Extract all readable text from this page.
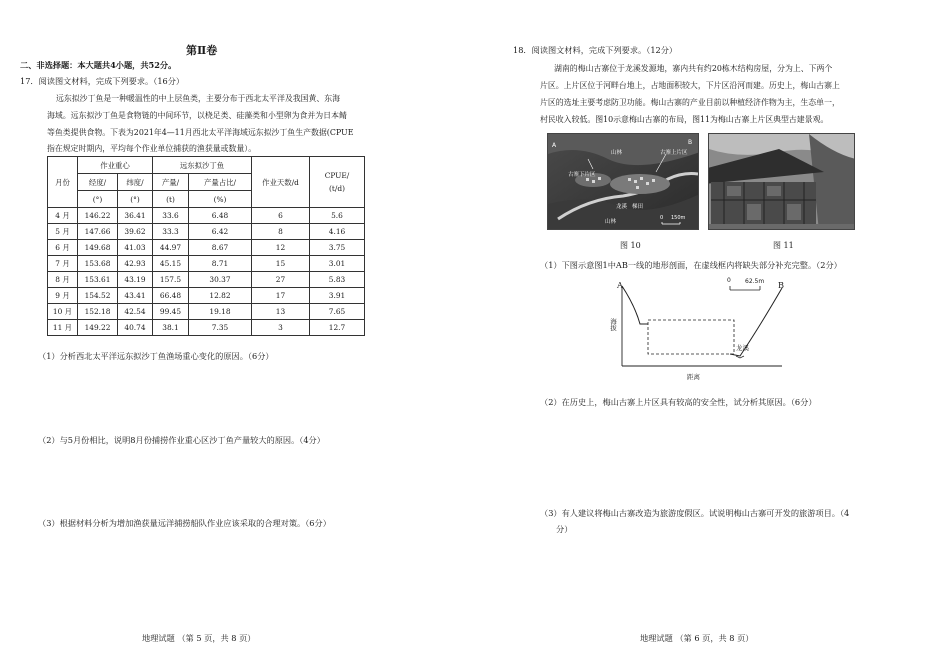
第Ⅱ卷
二、非选择题：本大题共4小题，共52分。
17．阅读图文材料，完成下列要求。（16分）
远东拟沙丁鱼是一种暖温性的中上层鱼类，主要分布于西北太平洋及我国黄、东海
海域。远东拟沙丁鱼是食物链的中间环节，以桡足类、硅藻类和小型卵为食并为日本鲭
等鱼类提供食物。下表为2021年4—11月西北太平洋海域远东拟沙丁鱼生产数据(CPUE
指在规定时期内，平均每个作业单位捕获的渔获量或数量）。
月份	作业重心		远东拟沙丁鱼		作业天数/d	CPUE/
(t/d)

	经度/	纬度/	产量/	产量占比/		
	(°)	(°)	(t)	(%)		
4 月	146.22	36.41	33.6	6.48	6	5.6
5 月	147.66	39.62	33.3	6.42	8	4.16
6 月	149.68	41.03	44.97	8.67	12	3.75
7 月	153.68	42.93	45.15	8.71	15	3.01
8 月	153.61	43.19	157.5	30.37	27	5.83
9 月	154.52	43.41	66.48	12.82	17	3.91
10 月	152.18	42.54	99.45	19.18	13	7.65
11 月	149.22	40.74	38.1	7.35	3	12.7
（1）分析西北太平洋远东拟沙丁鱼渔场重心变化的原因。（6分）
（2）与5月份相比，说明8月份捕捞作业重心区沙丁鱼产量较大的原因。（4分）
（3）根据材料分析为增加渔获量远洋捕捞船队作业应该采取的合理对策。（6分）
地理试题 （第 5 页，共 8 页）
18．阅读图文材料，完成下列要求。（12分）
湖南的梅山古寨位于龙溪发源地，寨内共有约20栋木结构房屋，分为上、下两个
片区。上片区位于河畔台地上，占地面积较大，下片区沿河而建。历史上，梅山古寨上
片区的选址主要考虑防卫功能。梅山古寨的产业目前以种植经济作物为主，生态单一，
村民收入较低。图10示意梅山古寨的布局，图11为梅山古寨上片区典型古建景观。
山林	古寨上片区
古寨下片区
A	B
龙溪 梯田
山林
0 150m
图 10	图 11
（1）下图示意图1中AB一线的地形剖面，在虚线框内将缺失部分补充完整。（2分）
A	B
0 62.5m
海拔
距离
龙溪
（2）在历史上，梅山古寨上片区具有较高的安全性，试分析其原因。（6分）
（3）有人建议将梅山古寨改造为旅游度假区。试说明梅山古寨可开发的旅游项目。（4
分）
地理试题 （第 6 页，共 8 页）
